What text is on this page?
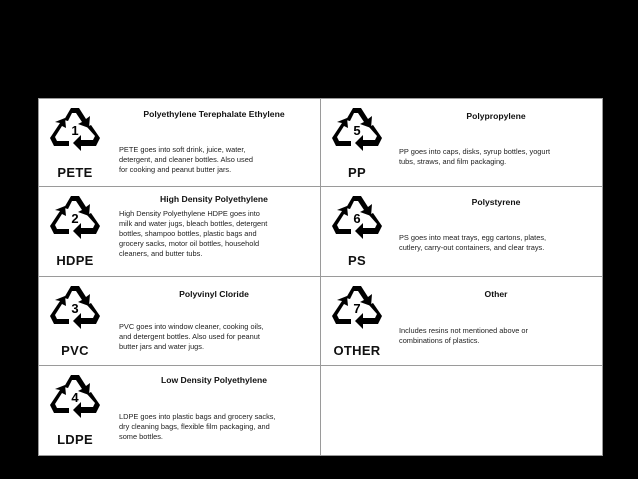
1
PETE
Polyethylene Terephalate Ethylene
PETE goes into soft drink, juice, water,
detergent, and cleaner bottles. Also used
for cooking and peanut butter jars.
5
PP
Polypropylene
PP goes into caps, disks, syrup bottles, yogurt
tubs, straws, and film packaging.
2
HDPE
High Density Polyethylene
High Density Polyethylene HDPE goes into
milk and water jugs, bleach bottles, detergent
bottles, shampoo bottles, plastic bags and
grocery sacks, motor oil bottles, household
cleaners, and butter tubs.
6
PS
Polystyrene
PS goes into meat trays, egg cartons, plates,
cutlery, carry-out containers, and clear trays.
3
PVC
Polyvinyl Cloride
PVC goes into window cleaner, cooking oils,
and detergent bottles. Also used for peanut
butter jars and water jugs.
7
OTHER
Other
Includes resins not mentioned above or
combinations of plastics.
4
LDPE
Low Density Polyethylene
LDPE goes into plastic bags and grocery sacks,
dry cleaning bags, flexible film packaging, and
some bottles.
